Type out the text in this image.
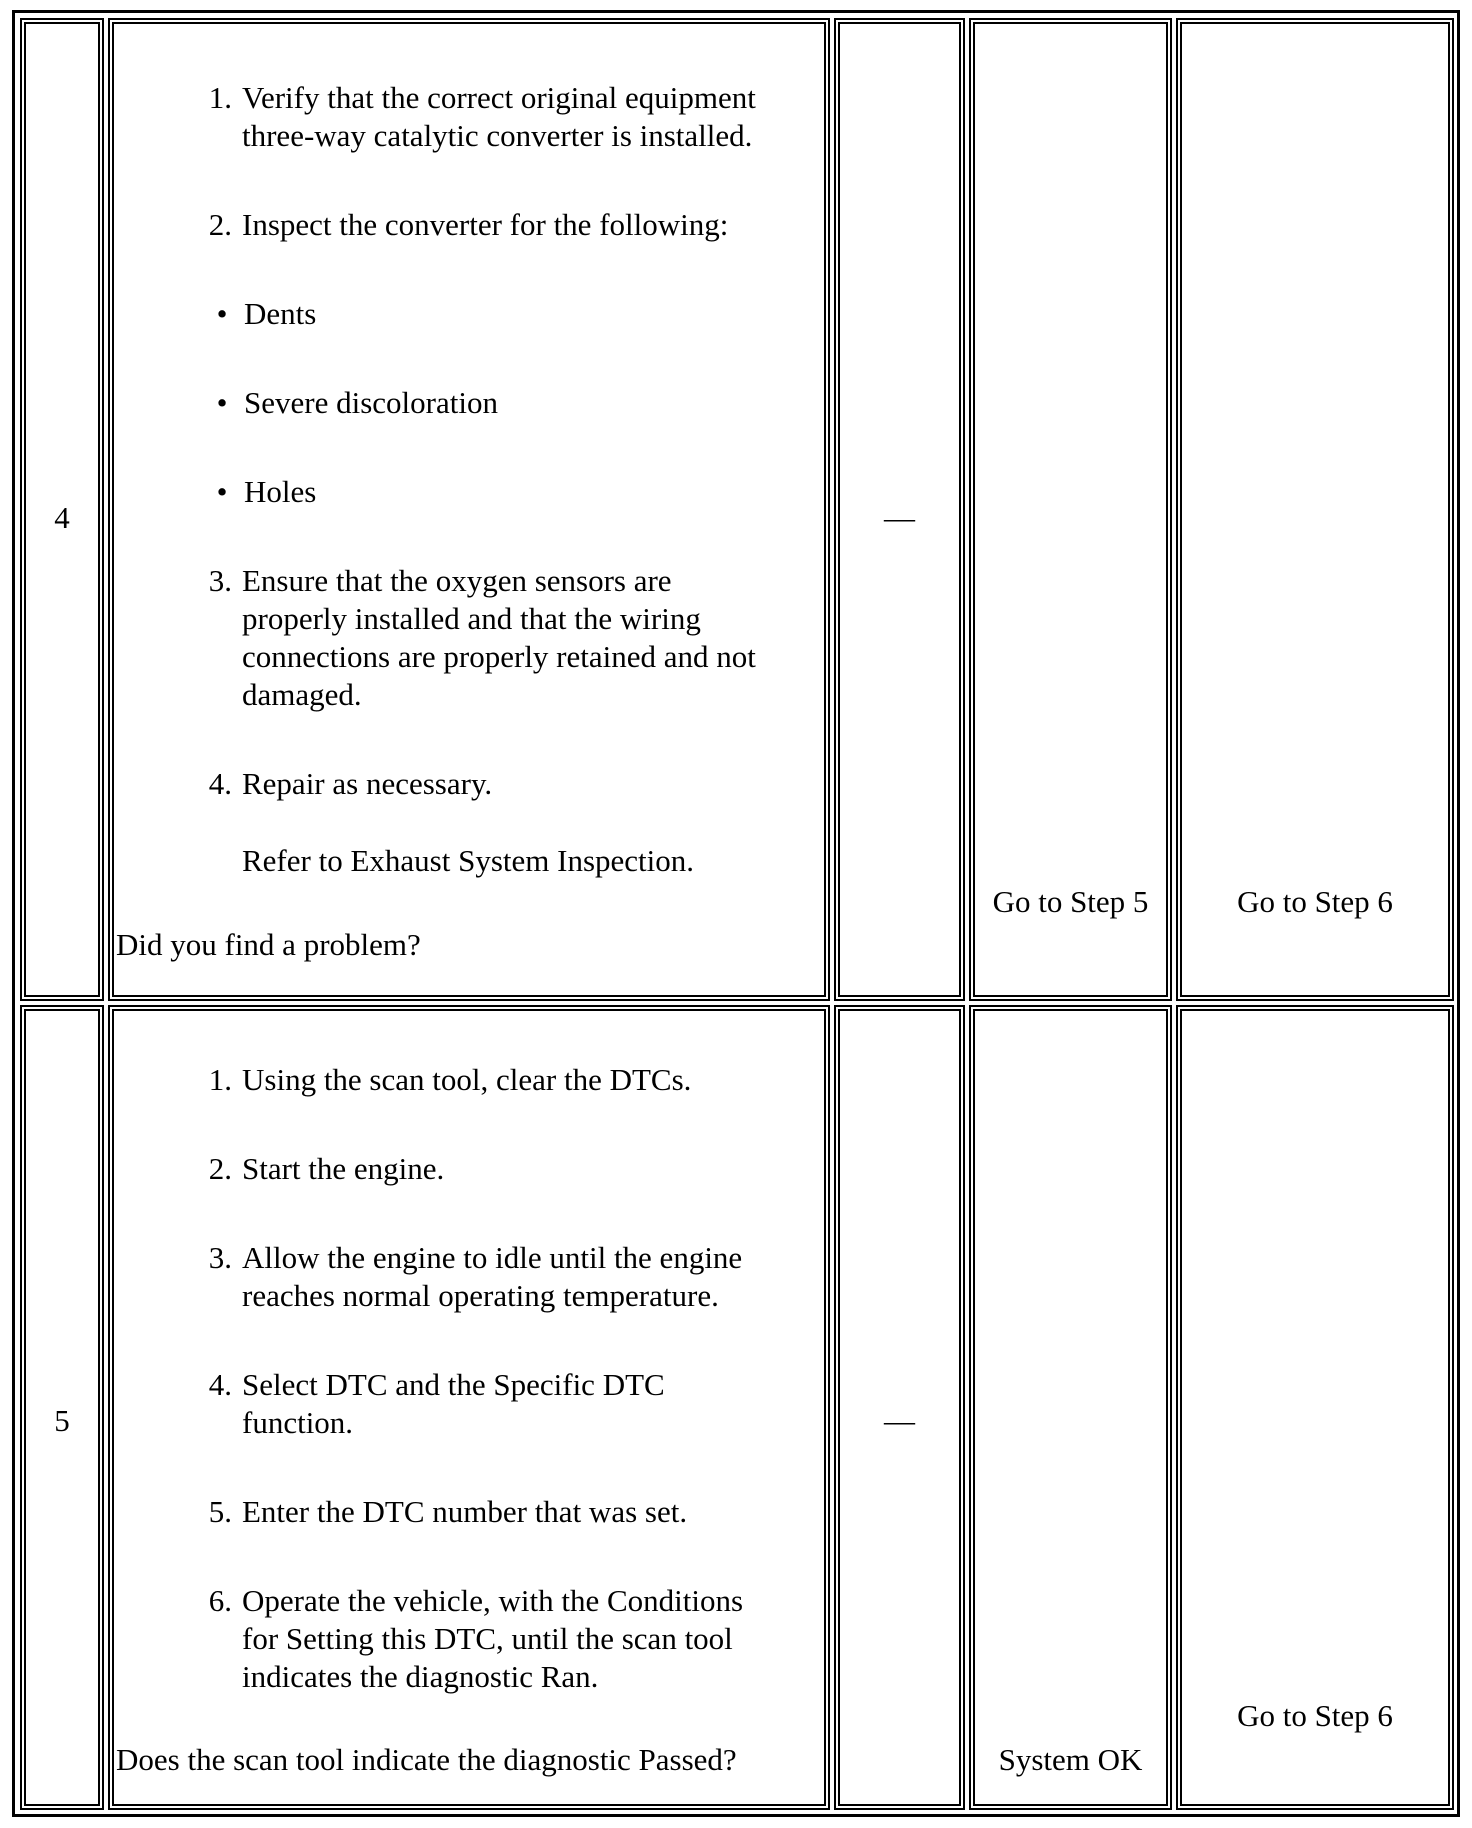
4
1. Verify that the correct original equipment
three-way catalytic converter is installed.
2. Inspect the converter for the following:
• Dents
• Severe discoloration
• Holes
3. Ensure that the oxygen sensors are
properly installed and that the wiring
connections are properly retained and not
damaged.
4. Repair as necessary.
Refer to Exhaust System Inspection.
Did you find a problem?
—
Go to Step 5	Go to Step 6
5
1. Using the scan tool, clear the DTCs.
2. Start the engine.
3. Allow the engine to idle until the engine
reaches normal operating temperature.
4. Select DTC and the Specific DTC
function.
5. Enter the DTC number that was set.
6. Operate the vehicle, with the Conditions
for Setting this DTC, until the scan tool
indicates the diagnostic Ran.
Does the scan tool indicate the diagnostic Passed?
—
System OK
Go to Step 6
